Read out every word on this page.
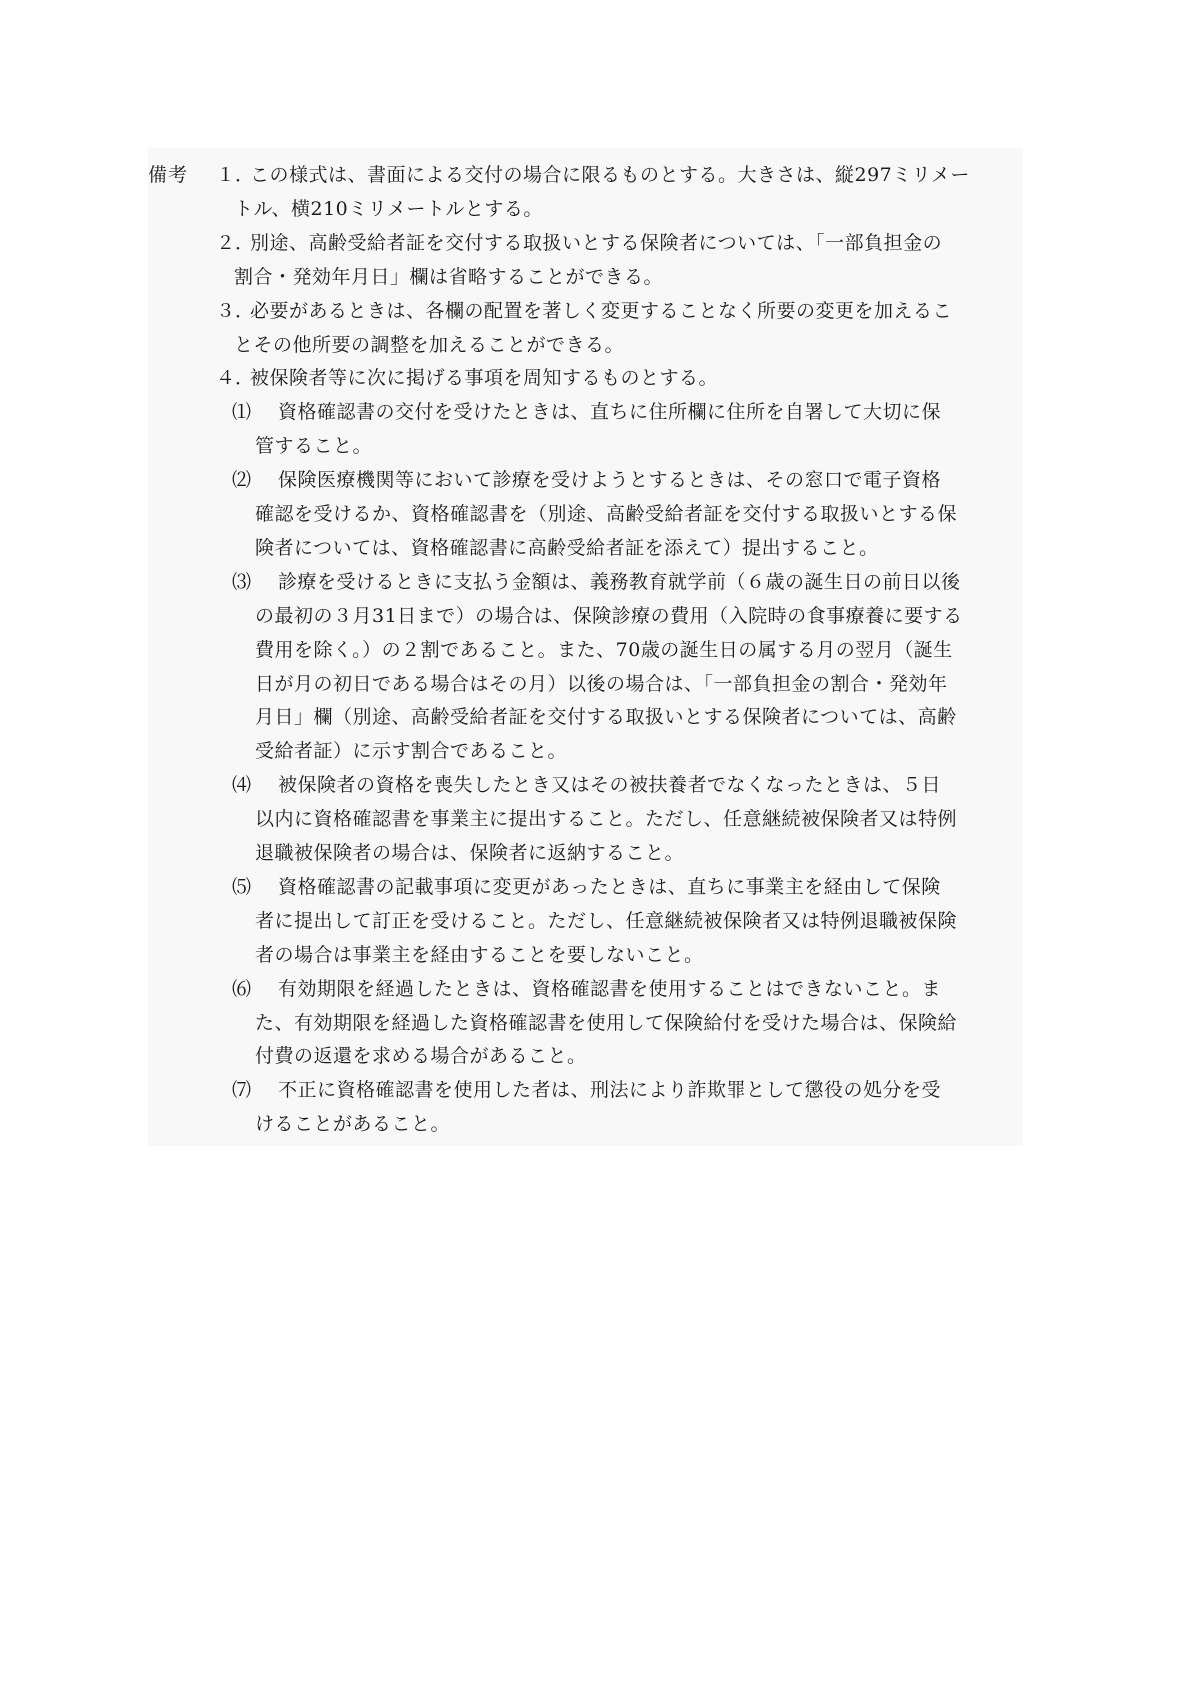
備考 １．
この様式は、書面による交付の場合に限るものとする。大きさは、縦297ミリメー
トル、横210ミリメートルとする。
２．
別途、高齢受給者証を交付する取扱いとする保険者については、「一部負担金の
割合・発効年月日」欄は省略することができる。
３．
必要があるときは、各欄の配置を著しく変更することなく所要の変更を加えるこ
とその他所要の調整を加えることができる。
４．
被保険者等に次に掲げる事項を周知するものとする。
⑴ 資格確認書の交付を受けたときは、直ちに住所欄に住所を自署して大切に保
管すること。
⑵ 保険医療機関等において診療を受けようとするときは、その窓口で電子資格
確認を受けるか、資格確認書を（別途、高齢受給者証を交付する取扱いとする保
険者については、資格確認書に高齢受給者証を添えて）提出すること。
⑶ 診療を受けるときに支払う金額は、義務教育就学前（６歳の誕生日の前日以後
の最初の３月31日まで）の場合は、保険診療の費用（入院時の食事療養に要する
費用を除く。）の２割であること。また、70歳の誕生日の属する月の翌月（誕生
日が月の初日である場合はその月）以後の場合は、「一部負担金の割合・発効年
月日」欄（別途、高齢受給者証を交付する取扱いとする保険者については、高齢
受給者証）に示す割合であること。
⑷ 被保険者の資格を喪失したとき又はその被扶養者でなくなったときは、５日
以内に資格確認書を事業主に提出すること。ただし、任意継続被保険者又は特例
退職被保険者の場合は、保険者に返納すること。
⑸ 資格確認書の記載事項に変更があったときは、直ちに事業主を経由して保険
者に提出して訂正を受けること。ただし、任意継続被保険者又は特例退職被保険
者の場合は事業主を経由することを要しないこと。
⑹ 有効期限を経過したときは、資格確認書を使用することはできないこと。ま
た、有効期限を経過した資格確認書を使用して保険給付を受けた場合は、保険給
付費の返還を求める場合があること。
⑺ 不正に資格確認書を使用した者は、刑法により詐欺罪として懲役の処分を受
けることがあること。
